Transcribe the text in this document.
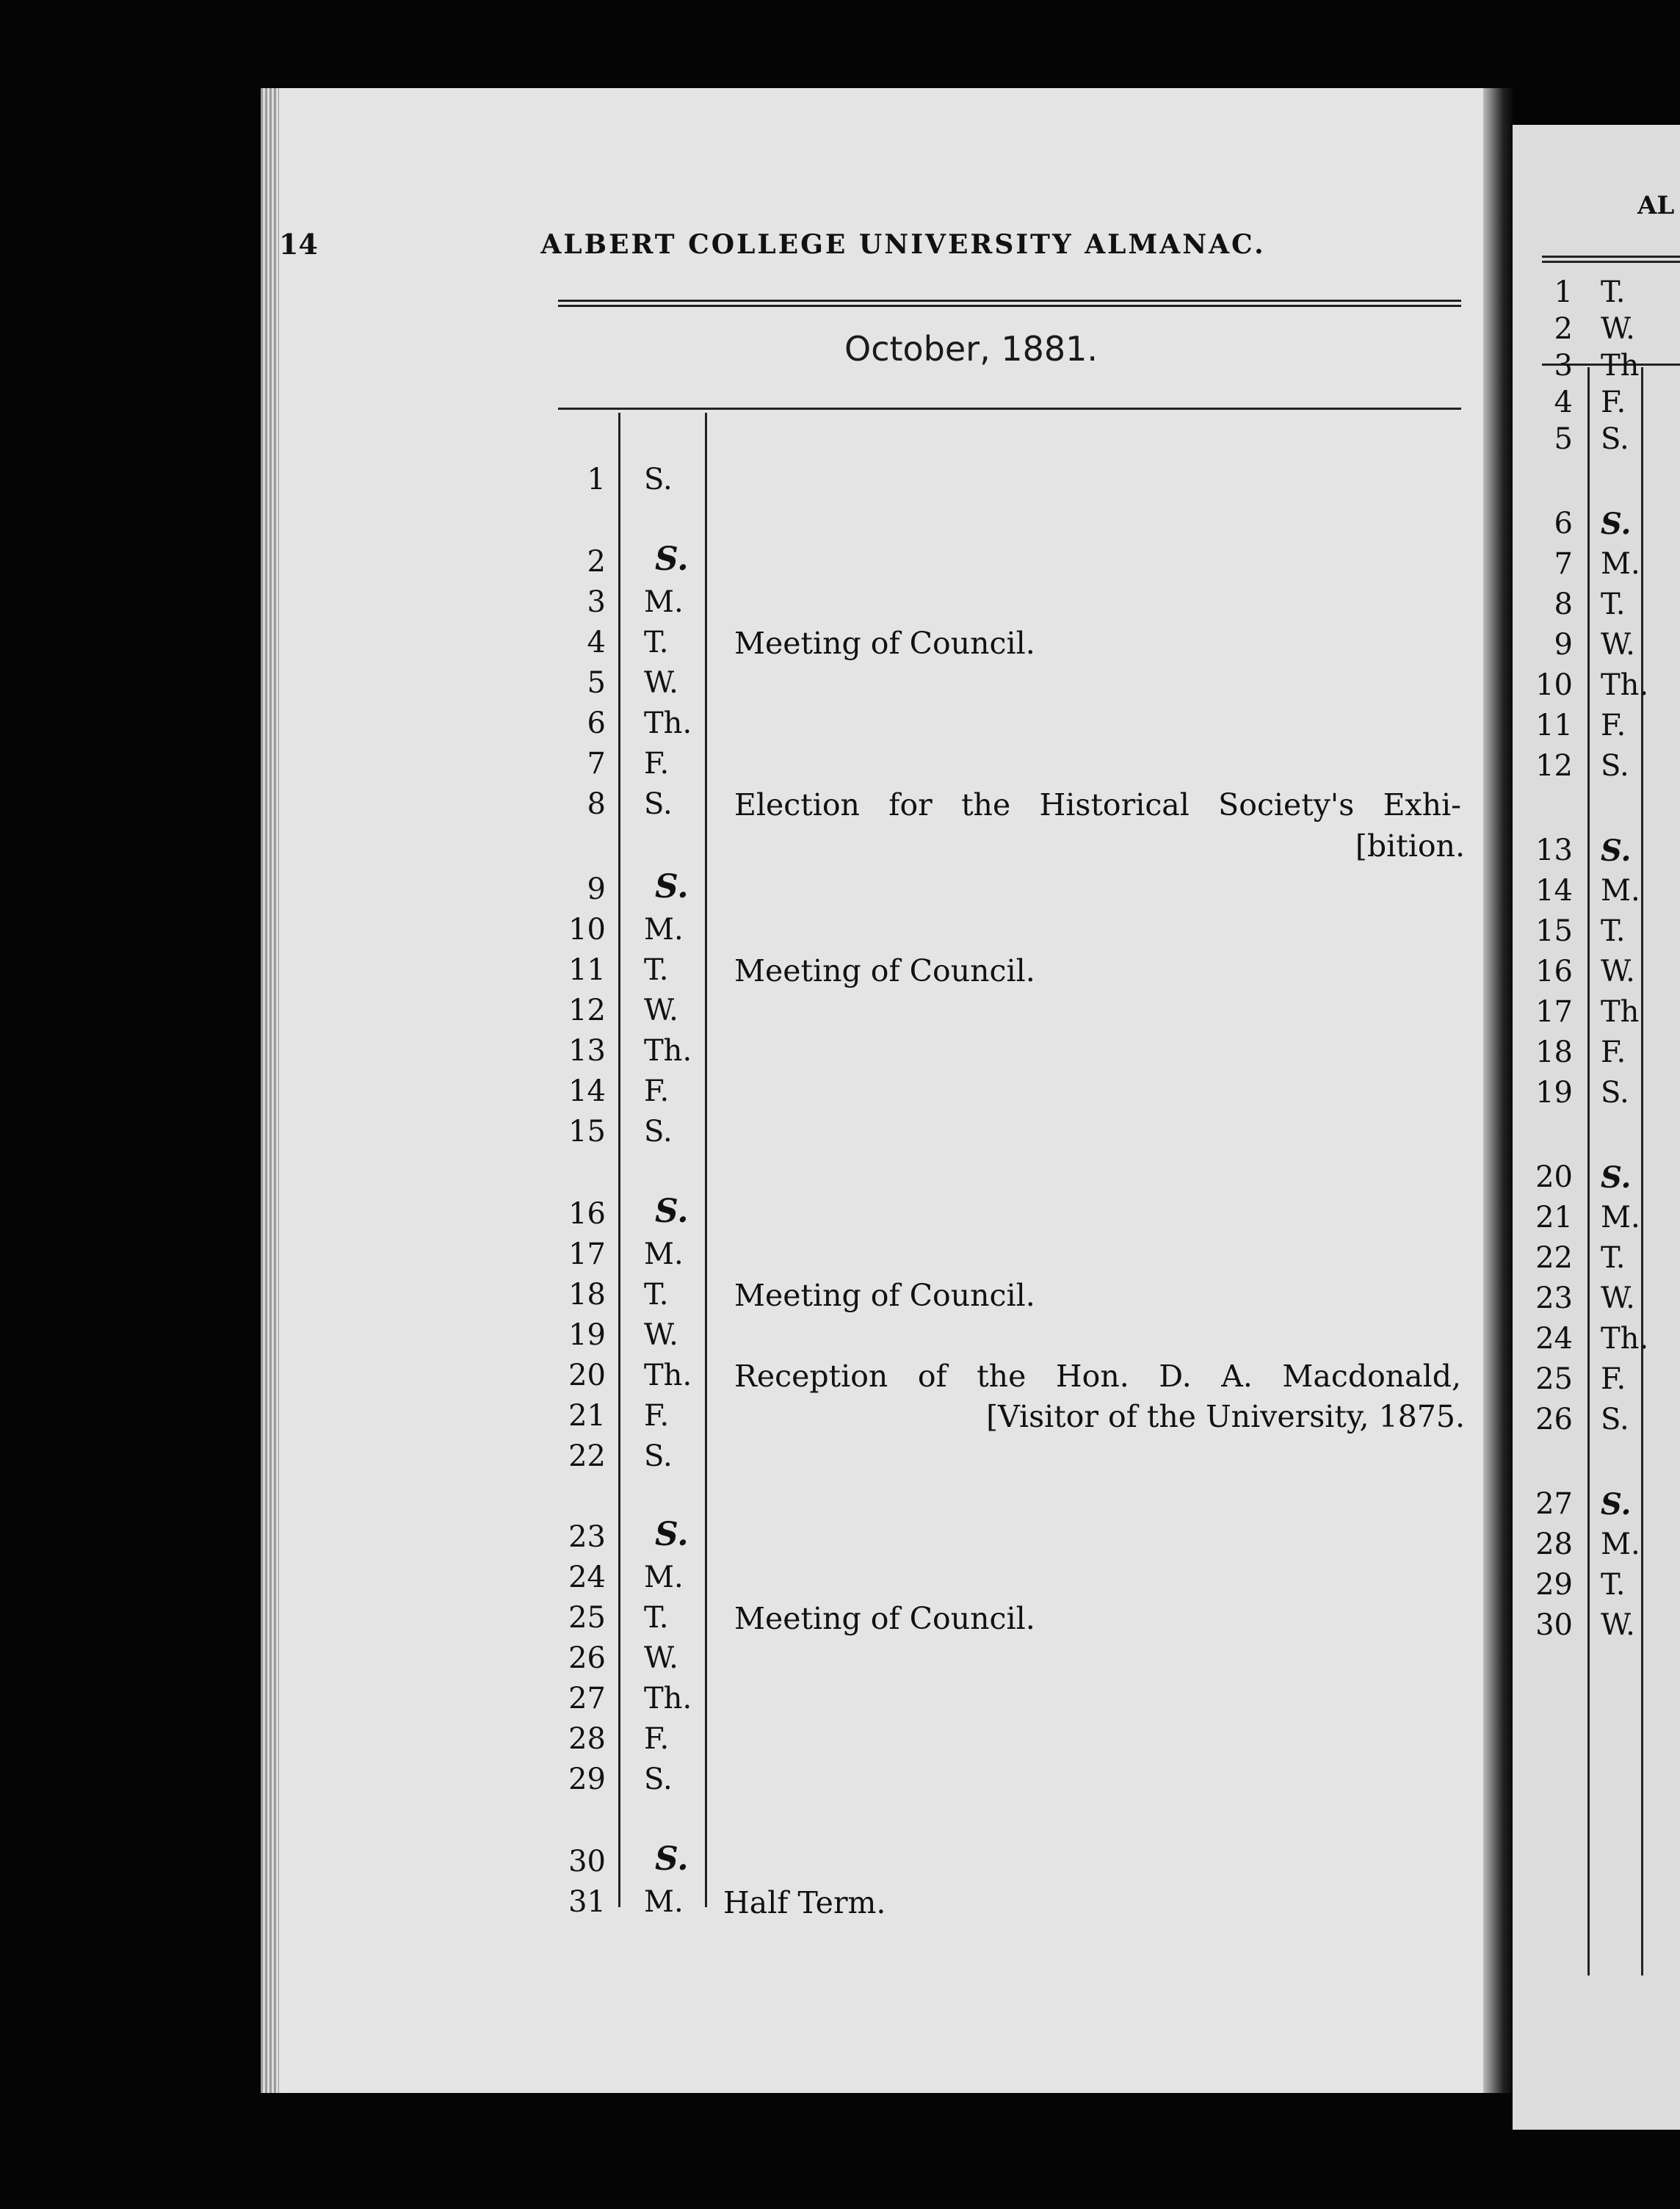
14	ALBERT COLLEGE UNIVERSITY ALMANAC.
October, 1881.
1 S.
2 S.
3 M.
4 T. Meeting of Council.
5 W.
6 Th.
7 F.
8 S. Election for the Historical Society's Exhi-
[bition.
9 S.
10 M.
11 T. Meeting of Council.
12 W.
13 Th.
14 F.
15 S.
16 S.
17 M.
18 T. Meeting of Council.
19 W.
20 Th. Reception of the Hon. D. A. Macdonald,
21 F.	[Visitor of the University, 1875.
22 S.
23 S.
24 M.
25 T. Meeting of Council.
26 W.
27 Th.
28 F.
29 S.
30 S.
31 M. Half Term.
AL
1 T.
2 W.
3 Th
4 F.
5 S.
6 S.
7 M.
8 T.
9 W.
10 Th.
11 F.
12 S.
13 S.
14 M.
15 T.
16 W.
17 Th
18 F.
19 S.
20 S.
21 M.
22 T.
23 W.
24 Th.
25 F.
26 S.
27 S.
28 M.
29 T.
30 W.
